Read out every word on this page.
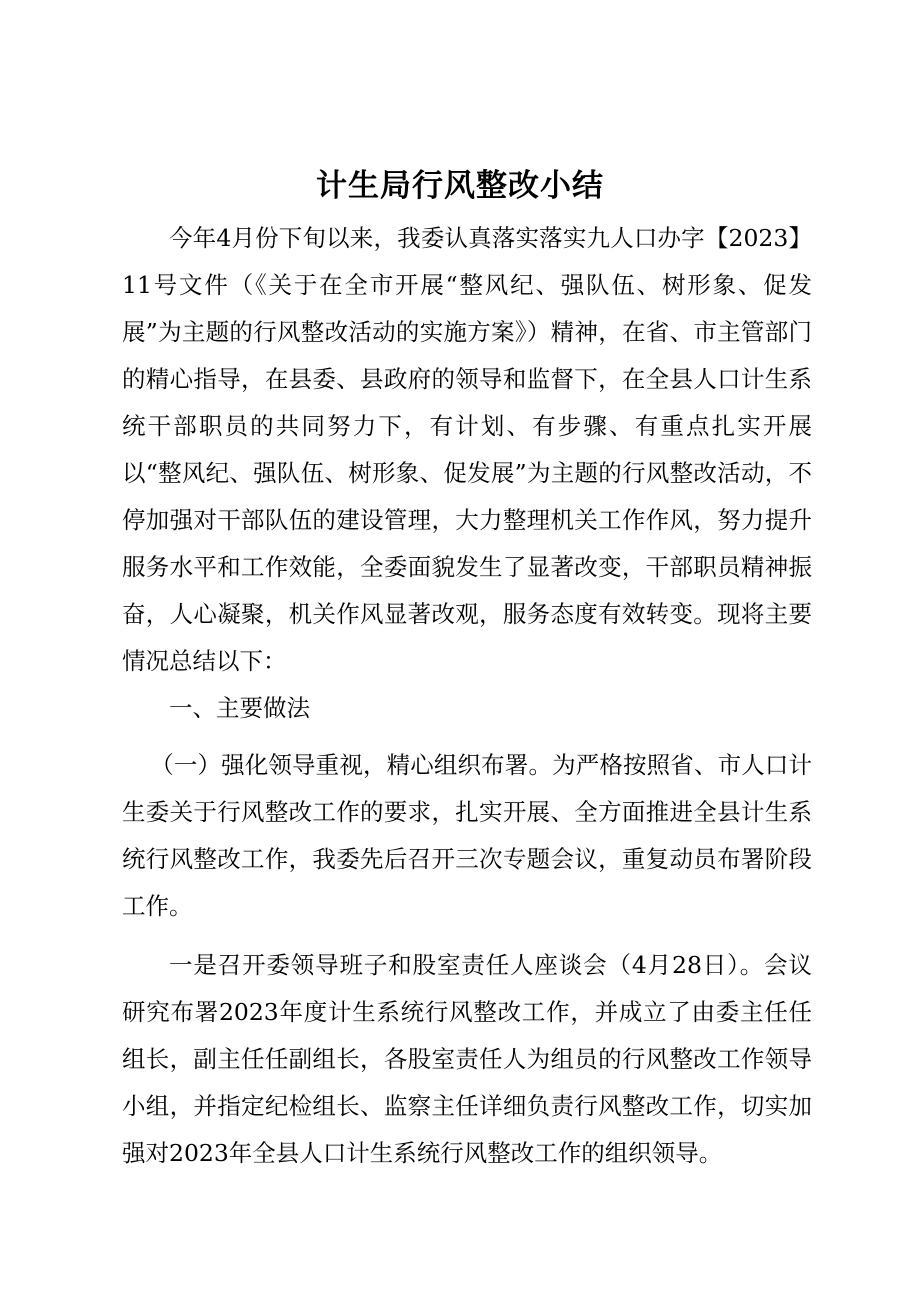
计生局行风整改小结

今年4月份下旬以来，我委认真落实落实九人口办字【2023】11号文件（《关于在全市开展“整风纪、强队伍、树形象、促发展”为主题的行风整改活动的实施方案》）精神，在省、市主管部门的精心指导，在县委、县政府的领导和监督下，在全县人口计生系统干部职员的共同努力下，有计划、有步骤、有重点扎实开展以“整风纪、强队伍、树形象、促发展”为主题的行风整改活动，不停加强对干部队伍的建设管理，大力整理机关工作作风，努力提升服务水平和工作效能，全委面貌发生了显著改变，干部职员精神振奋，人心凝聚，机关作风显著改观，服务态度有效转变。现将主要情况总结以下：

一、主要做法

（一）强化领导重视，精心组织布署。为严格按照省、市人口计生委关于行风整改工作的要求，扎实开展、全方面推进全县计生系统行风整改工作，我委先后召开三次专题会议，重复动员布署阶段工作。

一是召开委领导班子和股室责任人座谈会（4月28日）。会议研究布署2023年度计生系统行风整改工作，并成立了由委主任任组长，副主任任副组长，各股室责任人为组员的行风整改工作领导小组，并指定纪检组长、监察主任详细负责行风整改工作，切实加强对2023年全县人口计生系统行风整改工作的组织领导。
